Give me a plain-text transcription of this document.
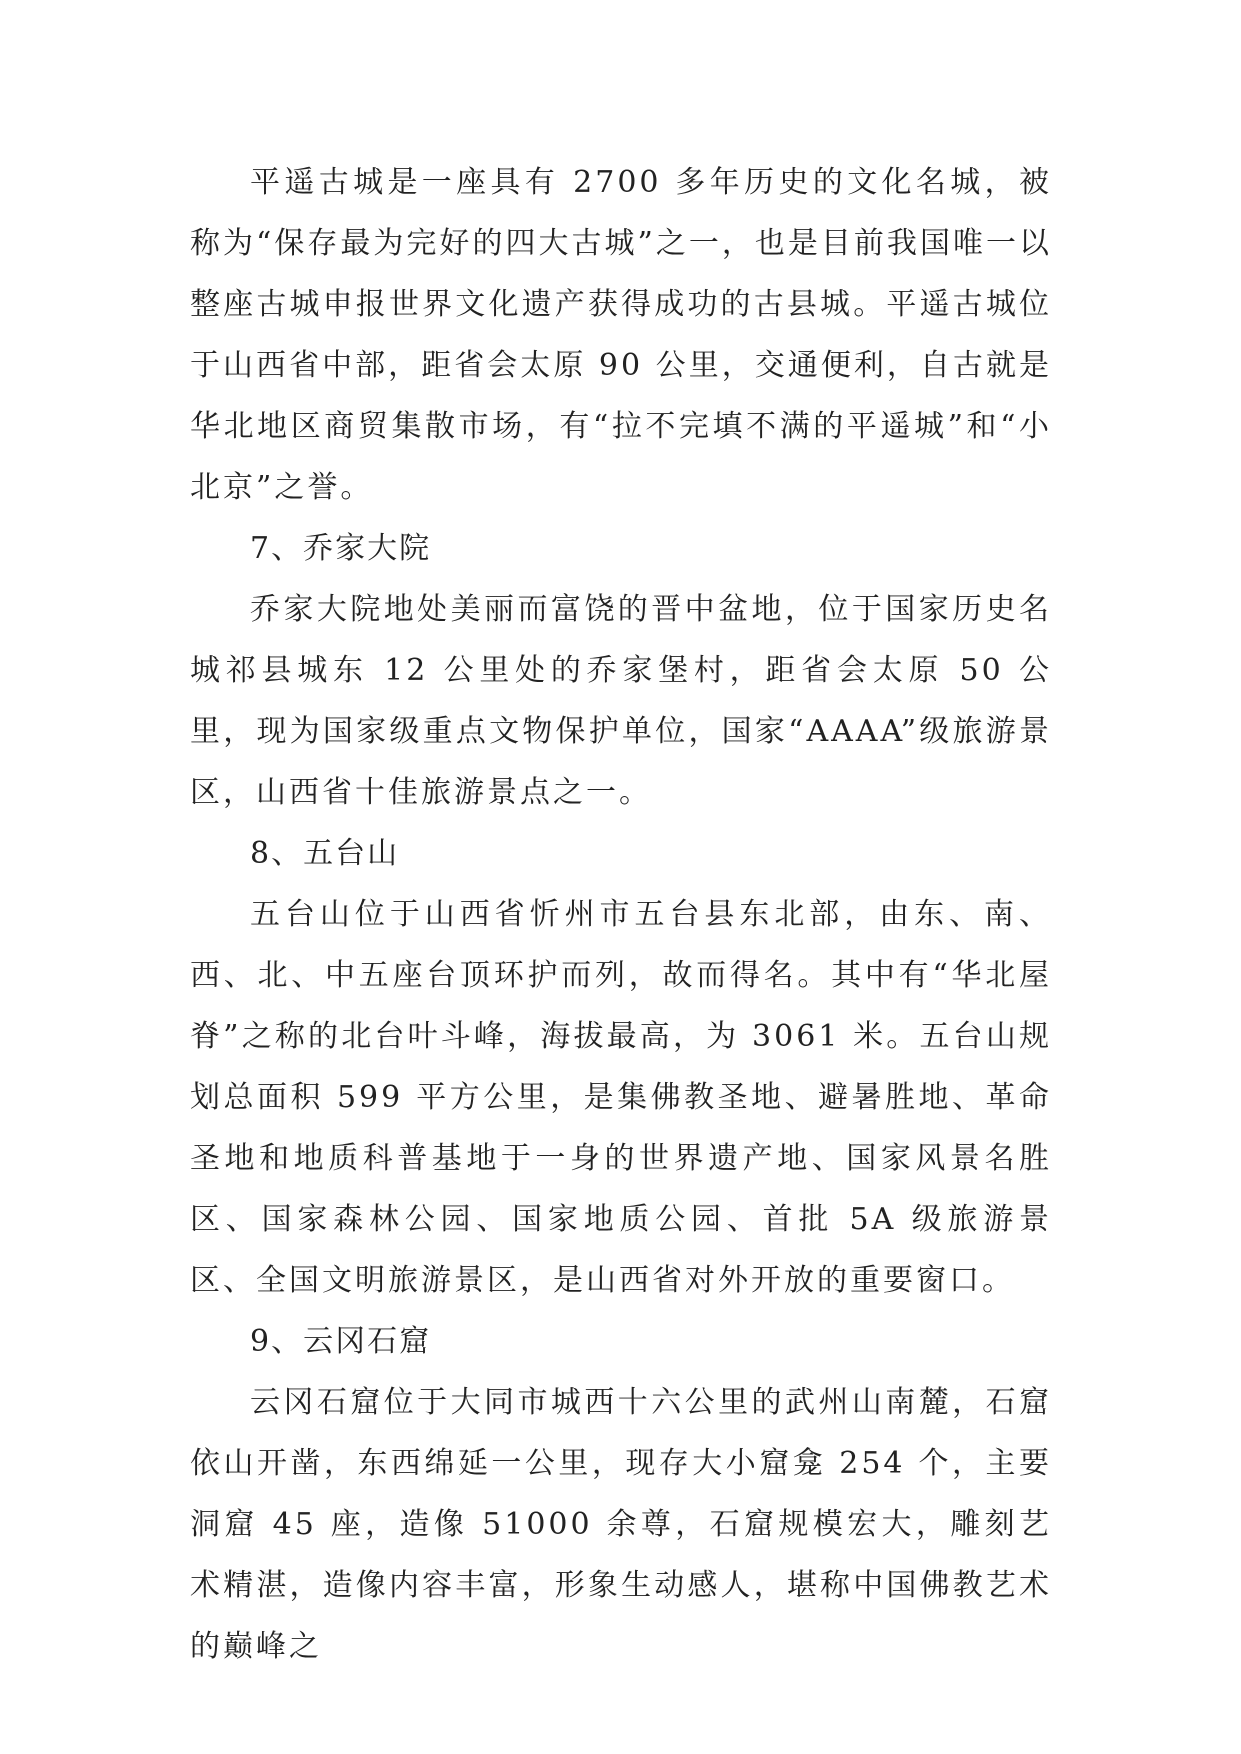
平遥古城是一座具有 2700 多年历史的文化名城，被称为“保存最为完好的四大古城”之一，也是目前我国唯一以整座古城申报世界文化遗产获得成功的古县城。平遥古城位于山西省中部，距省会太原 90 公里，交通便利，自古就是华北地区商贸集散市场，有“拉不完填不满的平遥城”和“小北京”之誉。

7、乔家大院

乔家大院地处美丽而富饶的晋中盆地，位于国家历史名城祁县城东 12 公里处的乔家堡村，距省会太原 50 公里，现为国家级重点文物保护单位，国家“AAAA”级旅游景区，山西省十佳旅游景点之一。

8、五台山

五台山位于山西省忻州市五台县东北部，由东、南、西、北、中五座台顶环护而列，故而得名。其中有“华北屋脊”之称的北台叶斗峰，海拔最高，为 3061 米。五台山规划总面积 599 平方公里，是集佛教圣地、避暑胜地、革命圣地和地质科普基地于一身的世界遗产地、国家风景名胜区、国家森林公园、国家地质公园、首批 5A 级旅游景区、全国文明旅游景区，是山西省对外开放的重要窗口。

9、云冈石窟

云冈石窟位于大同市城西十六公里的武州山南麓，石窟依山开凿，东西绵延一公里，现存大小窟龛 254 个，主要洞窟 45 座，造像 51000 余尊，石窟规模宏大，雕刻艺术精湛，造像内容丰富，形象生动感人，堪称中国佛教艺术的巅峰之
